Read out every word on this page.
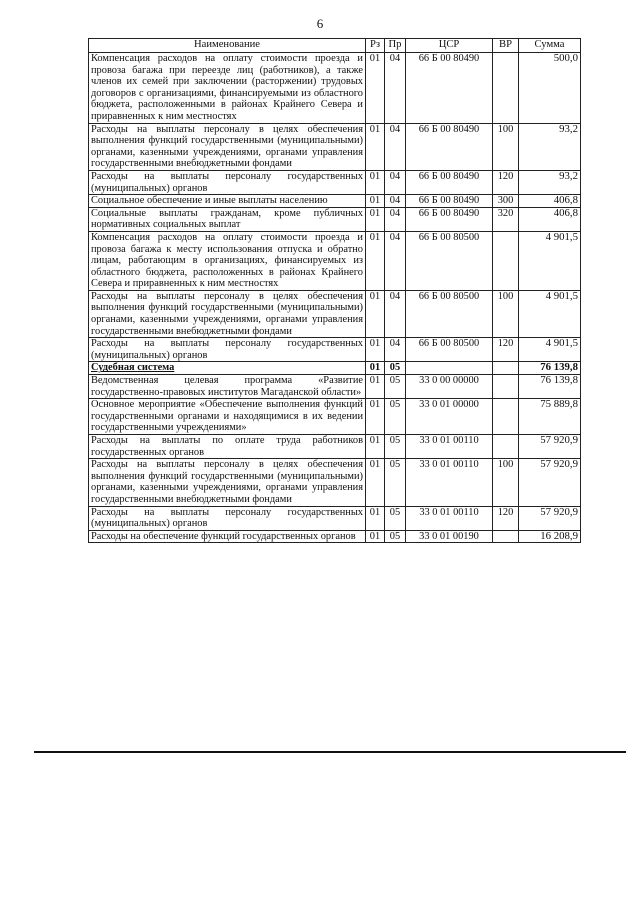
6
Наименование	Рз	Пр	ЦСР	ВР	Сумма
Компенсация расходов на оплату стоимости проезда и провоза багажа при переезде лиц (работников), а также членов их семей при заключении (расторжении) трудовых договоров с организациями, финансируемыми из областного бюджета, расположенными в районах Крайнего Севера и приравненных к ним местностях	01	04	66 Б 00 80490		500,0
Расходы на выплаты персоналу в целях обеспечения выполнения функций государственными (муниципальными) органами, казенными учреждениями, органами управления государственными внебюджетными фондами	01	04	66 Б 00 80490	100	93,2
Расходы на выплаты персоналу государственных (муниципальных) органов	01	04	66 Б 00 80490	120	93,2
Социальное обеспечение и иные выплаты населению	01	04	66 Б 00 80490	300	406,8
Социальные выплаты гражданам, кроме публичных нормативных социальных выплат	01	04	66 Б 00 80490	320	406,8
Компенсация расходов на оплату стоимости проезда и провоза багажа к месту использования отпуска и обратно лицам, работающим в организациях, финансируемых из областного бюджета, расположенных в районах Крайнего Севера и приравненных к ним местностях	01	04	66 Б 00 80500		4 901,5
Расходы на выплаты персоналу в целях обеспечения выполнения функций государственными (муниципальными) органами, казенными учреждениями, органами управления государственными внебюджетными фондами	01	04	66 Б 00 80500	100	4 901,5
Расходы на выплаты персоналу государственных (муниципальных) органов	01	04	66 Б 00 80500	120	4 901,5
Судебная система	01	05			76 139,8
Ведомственная целевая программа «Развитие государственно-правовых институтов Магаданской области»	01	05	33 0 00 00000		76 139,8
Основное мероприятие «Обеспечение выполнения функций государственными органами и находящимися в их ведении государственными учреждениями»	01	05	33 0 01 00000		75 889,8
Расходы на выплаты по оплате труда работников государственных органов	01	05	33 0 01 00110		57 920,9
Расходы на выплаты персоналу в целях обеспечения выполнения функций государственными (муниципальными) органами, казенными учреждениями, органами управления государственными внебюджетными фондами	01	05	33 0 01 00110	100	57 920,9
Расходы на выплаты персоналу государственных (муниципальных) органов	01	05	33 0 01 00110	120	57 920,9
Расходы на обеспечение функций государственных органов	01	05	33 0 01 00190		16 208,9
